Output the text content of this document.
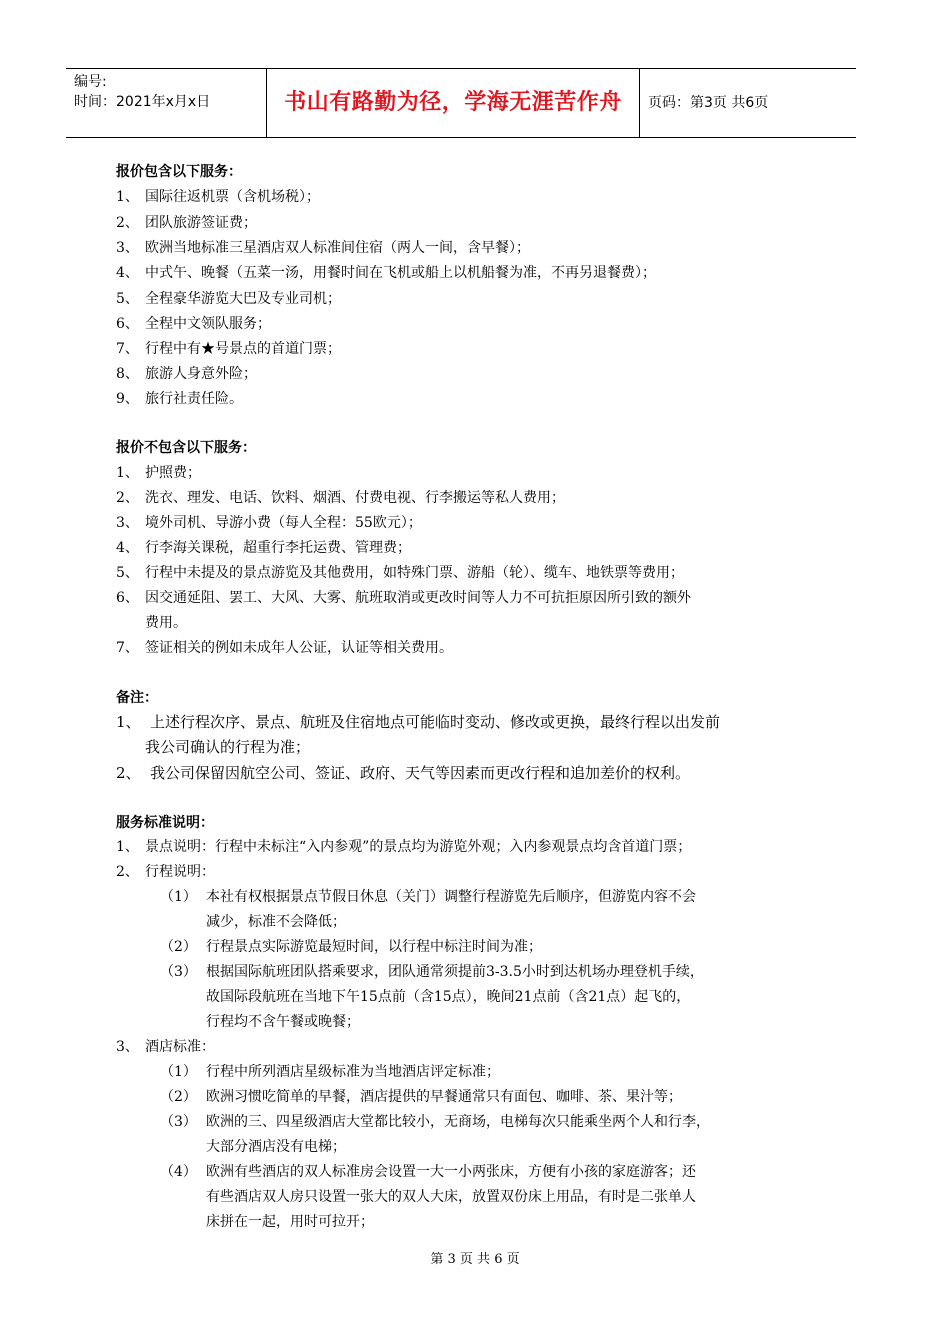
编号:
时间：2021年x月x日	书山有路勤为径，学海无涯苦作舟	页码：第3页 共6页
报价包含以下服务：
1、 国际往返机票（含机场税）；
2、 团队旅游签证费；
3、 欧洲当地标准三星酒店双人标准间住宿（两人一间，含早餐）；
4、 中式午、晚餐（五菜一汤，用餐时间在飞机或船上以机船餐为准，不再另退餐费）；
5、 全程豪华游览大巴及专业司机；
6、 全程中文领队服务；
7、 行程中有★号景点的首道门票；
8、 旅游人身意外险；
9、 旅行社责任险。
报价不包含以下服务：
1、 护照费；
2、 洗衣、理发、电话、饮料、烟酒、付费电视、行李搬运等私人费用；
3、 境外司机、导游小费（每人全程：55欧元）；
4、 行李海关课税，超重行李托运费、管理费；
5、 行程中未提及的景点游览及其他费用，如特殊门票、游船（轮）、缆车、地铁票等费用；
6、 因交通延阻、罢工、大风、大雾、航班取消或更改时间等人力不可抗拒原因所引致的额外
费用。
7、 签证相关的例如未成年人公证，认证等相关费用。
备注：
1、 上述行程次序、景点、航班及住宿地点可能临时变动、修改或更换，最终行程以出发前
我公司确认的行程为准；
2、 我公司保留因航空公司、签证、政府、天气等因素而更改行程和追加差价的权利。
服务标准说明：
1、 景点说明：行程中未标注“入内参观”的景点均为游览外观；入内参观景点均含首道门票；
2、 行程说明：
（1） 本社有权根据景点节假日休息（关门）调整行程游览先后顺序，但游览内容不会
减少，标准不会降低；
（2） 行程景点实际游览最短时间，以行程中标注时间为准；
（3） 根据国际航班团队搭乘要求，团队通常须提前3-3.5小时到达机场办理登机手续，
故国际段航班在当地下午15点前（含15点），晚间21点前（含21点）起飞的，
行程均不含午餐或晚餐；
3、 酒店标准：
（1） 行程中所列酒店星级标准为当地酒店评定标准；
（2） 欧洲习惯吃简单的早餐，酒店提供的早餐通常只有面包、咖啡、茶、果汁等；
（3） 欧洲的三、四星级酒店大堂都比较小，无商场，电梯每次只能乘坐两个人和行李，
大部分酒店没有电梯；
（4） 欧洲有些酒店的双人标准房会设置一大一小两张床，方便有小孩的家庭游客；还
有些酒店双人房只设置一张大的双人大床，放置双份床上用品，有时是二张单人
床拼在一起，用时可拉开；
第 3 页 共 6 页
